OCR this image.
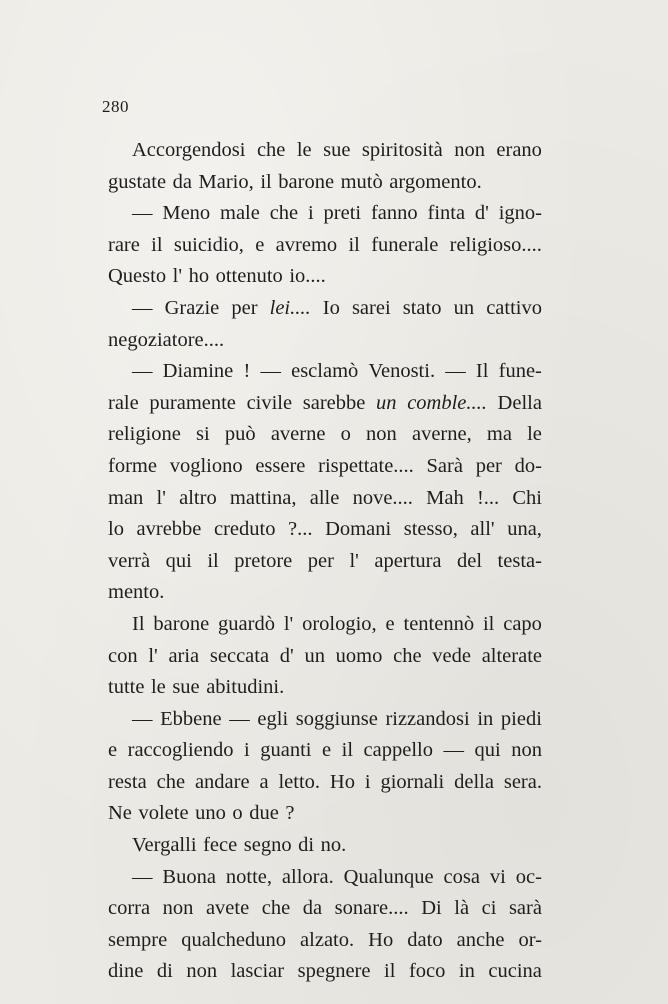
280
Accorgendosi che le sue spiritosità non erano
gustate da Mario, il barone mutò argomento.
— Meno male che i preti fanno finta d' igno-
rare il suicidio, e avremo il funerale religioso....
Questo l' ho ottenuto io....
— Grazie per lei.... Io sarei stato un cattivo
negoziatore....
— Diamine ! — esclamò Venosti. — Il fune-
rale puramente civile sarebbe un comble.... Della
religione si può averne o non averne, ma le
forme vogliono essere rispettate.... Sarà per do-
man l' altro mattina, alle nove.... Mah !... Chi
lo avrebbe creduto ?... Domani stesso, all' una,
verrà qui il pretore per l' apertura del testa-
mento.
Il barone guardò l' orologio, e tentennò il capo
con l' aria seccata d' un uomo che vede alterate
tutte le sue abitudini.
— Ebbene — egli soggiunse rizzandosi in piedi
e raccogliendo i guanti e il cappello — qui non
resta che andare a letto. Ho i giornali della sera.
Ne volete uno o due ?
Vergalli fece segno di no.
— Buona notte, allora. Qualunque cosa vi oc-
corra non avete che da sonare.... Di là ci sarà
sempre qualcheduno alzato. Ho dato anche or-
dine di non lasciar spegnere il foco in cucina
